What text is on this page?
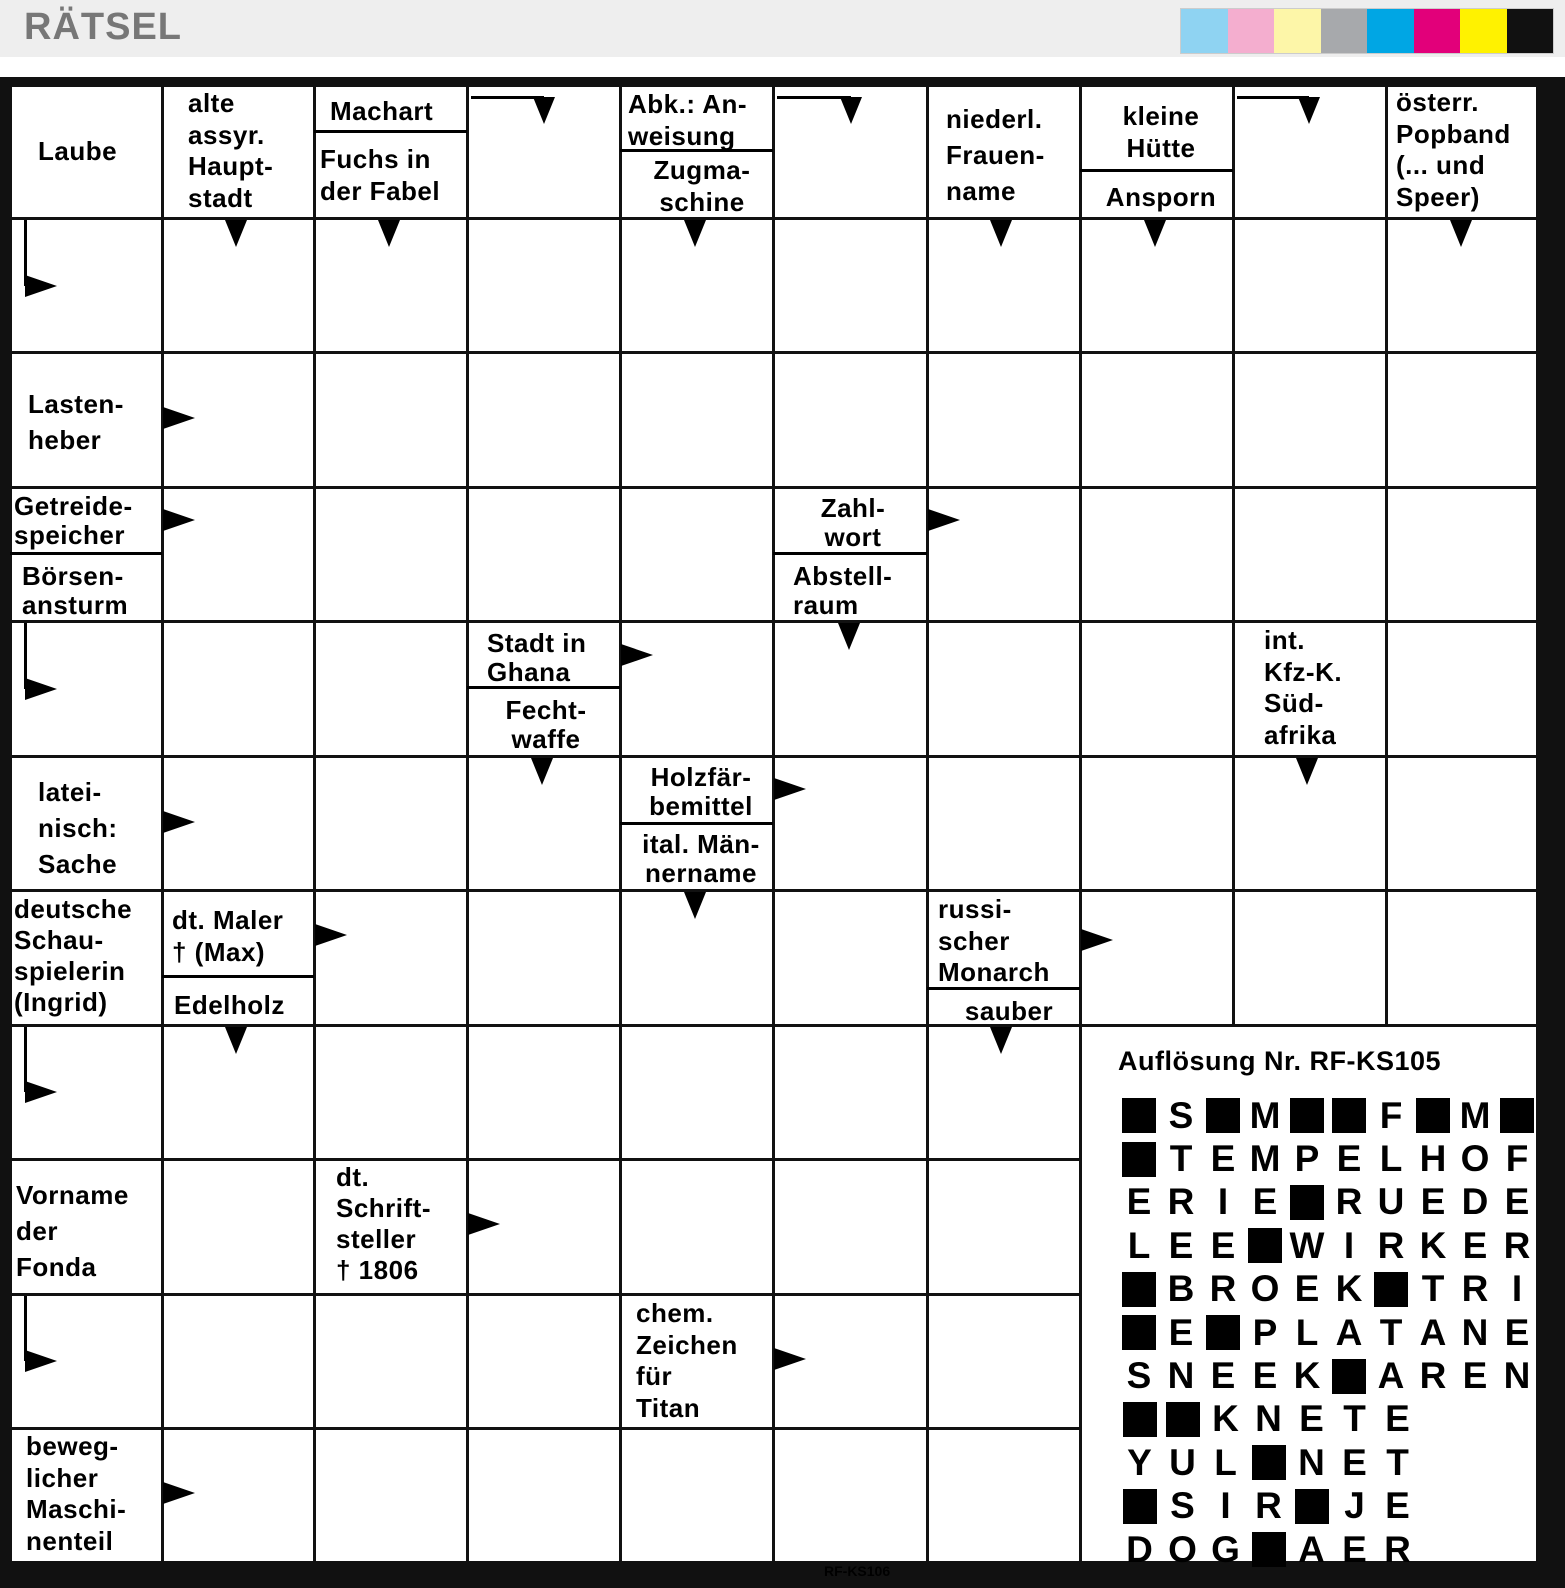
RÄTSEL
Laube
alte
assyr.
Haupt-
stadt
Machart
Fuchs in
der Fabel
Abk.: An-
weisung
Zugma-
schine
niederl.
Frauen-
name
kleine
Hütte
Ansporn
österr.
Popband
(... und
Speer)
Lasten-
heber
Getreide-
speicher
Börsen-
ansturm
Zahl-
wort
Abstell-
raum
Stadt in
Ghana
Fecht-
waffe
int.
Kfz-K.
Süd-
afrika
latei-
nisch:
Sache
Holzfär-
bemittel
ital. Män-
nername
deutsche
Schau-
spielerin
(Ingrid)
dt. Maler
† (Max)
Edelholz
russi-
scher
Monarch
sauber
Vorname
der
Fonda
dt.
Schrift-
steller
† 1806
chem.
Zeichen
für
Titan
beweg-
licher
Maschi-
nenteil
Auflösung Nr. RF-KS105
S M	F M
T E M P E L H O F
E R I E R U E D E
L E E W I R K E R
B R O E K T R I
E P L A T A N E
S N E E K A R E N
K N E T E
Y U L N E T
S I R	J E
D O G A E R
RF-KS106
